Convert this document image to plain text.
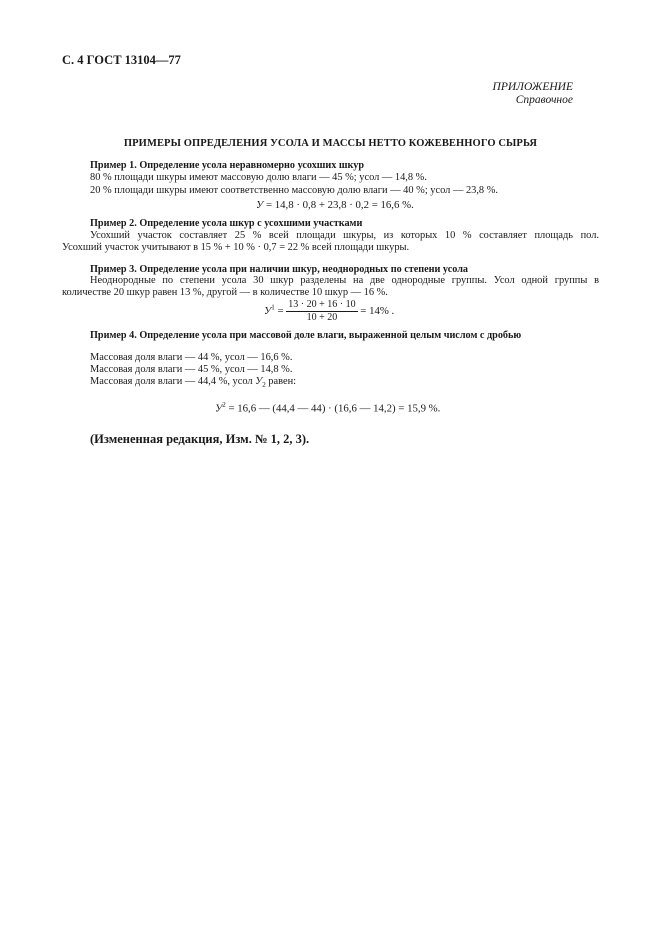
С. 4 ГОСТ 13104—77
ПРИЛОЖЕНИЕ
Справочное
ПРИМЕРЫ ОПРЕДЕЛЕНИЯ УСОЛА И МАССЫ НЕТТО КОЖЕВЕННОГО СЫРЬЯ
Пример 1. Определение усола неравномерно усохших шкур
80 % площади шкуры имеют массовую долю влаги — 45 %; усол — 14,8 %.
20 % площади шкуры имеют соответственно массовую долю влаги — 40 %; усол — 23,8 %.
У = 14,8 · 0,8 + 23,8 · 0,2 = 16,6 %.
Пример 2. Определение усола шкур с усохшими участками
Усохший участок составляет 25 % всей площади шкуры, из которых 10 % составляет площадь пол.
Усохший участок учитывают в 15 % + 10 % · 0,7 = 22 % всей площади шкуры.
Пример 3. Определение усола при наличии шкур, неоднородных по степени усола
Неоднородные по степени усола 30 шкур разделены на две однородные группы. Усол одной группы в
количестве 20 шкур равен 13 %, другой — в количестве 10 шкур — 16 %.
$У^1 = \frac{13 \cdot 20 + 16 \cdot 10}{10 + 20} = 14\%$ .
Пример 4. Определение усола при массовой доле влаги, выраженной целым числом с дробью
Массовая доля влаги — 44 %, усол — 16,6 %.
Массовая доля влаги — 45 %, усол — 14,8 %.
Массовая доля влаги — 44,4 %, усол $У_2$ равен:
$У^2 = 16,6$ — (44,4 — 44) · (16,6 — 14,2) = 15,9 %.
(Измененная редакция, Изм. № 1, 2, 3).
